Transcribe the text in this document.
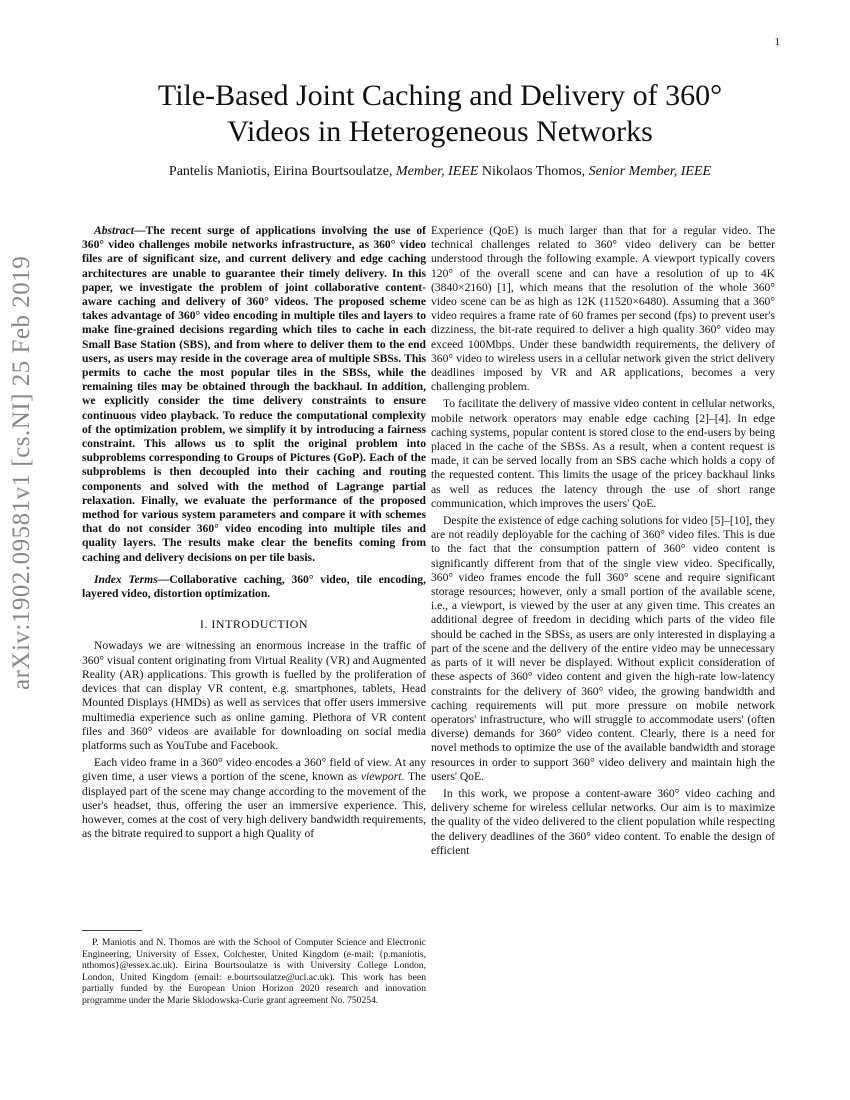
1
arXiv:1902.09581v1 [cs.NI] 25 Feb 2019
Tile-Based Joint Caching and Delivery of 360°
Videos in Heterogeneous Networks
Pantelis Maniotis, Eirina Bourtsoulatze, Member, IEEE Nikolaos Thomos, Senior Member, IEEE

Abstract—The recent surge of applications involving the use of 360° video challenges mobile networks infrastructure, as 360° video files are of significant size, and current delivery and edge caching architectures are unable to guarantee their timely delivery. In this paper, we investigate the problem of joint collaborative content-aware caching and delivery of 360° videos. The proposed scheme takes advantage of 360° video encoding in multiple tiles and layers to make fine-grained decisions regarding which tiles to cache in each Small Base Station (SBS), and from where to deliver them to the end users, as users may reside in the coverage area of multiple SBSs. This permits to cache the most popular tiles in the SBSs, while the remaining tiles may be obtained through the backhaul. In addition, we explicitly consider the time delivery constraints to ensure continuous video playback. To reduce the computational complexity of the optimization problem, we simplify it by introducing a fairness constraint. This allows us to split the original problem into subproblems corresponding to Groups of Pictures (GoP). Each of the subproblems is then decoupled into their caching and routing components and solved with the method of Lagrange partial relaxation. Finally, we evaluate the performance of the proposed method for various system parameters and compare it with schemes that do not consider 360° video encoding into multiple tiles and quality layers. The results make clear the benefits coming from caching and delivery decisions on per tile basis.

Index Terms—Collaborative caching, 360° video, tile encoding, layered video, distortion optimization.

I. INTRODUCTION

Nowadays we are witnessing an enormous increase in the traffic of 360° visual content originating from Virtual Reality (VR) and Augmented Reality (AR) applications. This growth is fuelled by the proliferation of devices that can display VR content, e.g. smartphones, tablets, Head Mounted Displays (HMDs) as well as services that offer users immersive multimedia experience such as online gaming. Plethora of VR content files and 360° videos are available for downloading on social media platforms such as YouTube and Facebook.

Each video frame in a 360° video encodes a 360° field of view. At any given time, a user views a portion of the scene, known as viewport. The displayed part of the scene may change according to the movement of the user's headset, thus, offering the user an immersive experience. This, however, comes at the cost of very high delivery bandwidth requirements, as the bitrate required to support a high Quality of

P. Maniotis and N. Thomos are with the School of Computer Science and Electronic Engineering, University of Essex, Colchester, United Kingdom (e-mail: {p.maniotis, nthomos}@essex.ac.uk). Eirina Bourtsoulatze is with University College London, London, United Kingdom (email: e.bourtsoulatze@ucl.ac.uk). This work has been partially funded by the European Union Horizon 2020 research and innovation programme under the Marie Sklodowska-Curie grant agreement No. 750254.

Experience (QoE) is much larger than that for a regular video. The technical challenges related to 360° video delivery can be better understood through the following example. A viewport typically covers 120° of the overall scene and can have a resolution of up to 4K (3840×2160) [1], which means that the resolution of the whole 360° video scene can be as high as 12K (11520×6480). Assuming that a 360° video requires a frame rate of 60 frames per second (fps) to prevent user's dizziness, the bit-rate required to deliver a high quality 360° video may exceed 100Mbps. Under these bandwidth requirements, the delivery of 360° video to wireless users in a cellular network given the strict delivery deadlines imposed by VR and AR applications, becomes a very challenging problem.

To facilitate the delivery of massive video content in cellular networks, mobile network operators may enable edge caching [2]–[4]. In edge caching systems, popular content is stored close to the end-users by being placed in the cache of the SBSs. As a result, when a content request is made, it can be served locally from an SBS cache which holds a copy of the requested content. This limits the usage of the pricey backhaul links as well as reduces the latency through the use of short range communication, which improves the users' QoE.

Despite the existence of edge caching solutions for video [5]–[10], they are not readily deployable for the caching of 360° video files. This is due to the fact that the consumption pattern of 360° video content is significantly different from that of the single view video. Specifically, 360° video frames encode the full 360° scene and require significant storage resources; however, only a small portion of the available scene, i.e., a viewport, is viewed by the user at any given time. This creates an additional degree of freedom in deciding which parts of the video file should be cached in the SBSs, as users are only interested in displaying a part of the scene and the delivery of the entire video may be unnecessary as parts of it will never be displayed. Without explicit consideration of these aspects of 360° video content and given the high-rate low-latency constraints for the delivery of 360° video, the growing bandwidth and caching requirements will put more pressure on mobile network operators' infrastructure, who will struggle to accommodate users' (often diverse) demands for 360° video content. Clearly, there is a need for novel methods to optimize the use of the available bandwidth and storage resources in order to support 360° video delivery and maintain high the users' QoE.

In this work, we propose a content-aware 360° video caching and delivery scheme for wireless cellular networks. Our aim is to maximize the quality of the video delivered to the client population while respecting the delivery deadlines of the 360° video content. To enable the design of efficient
